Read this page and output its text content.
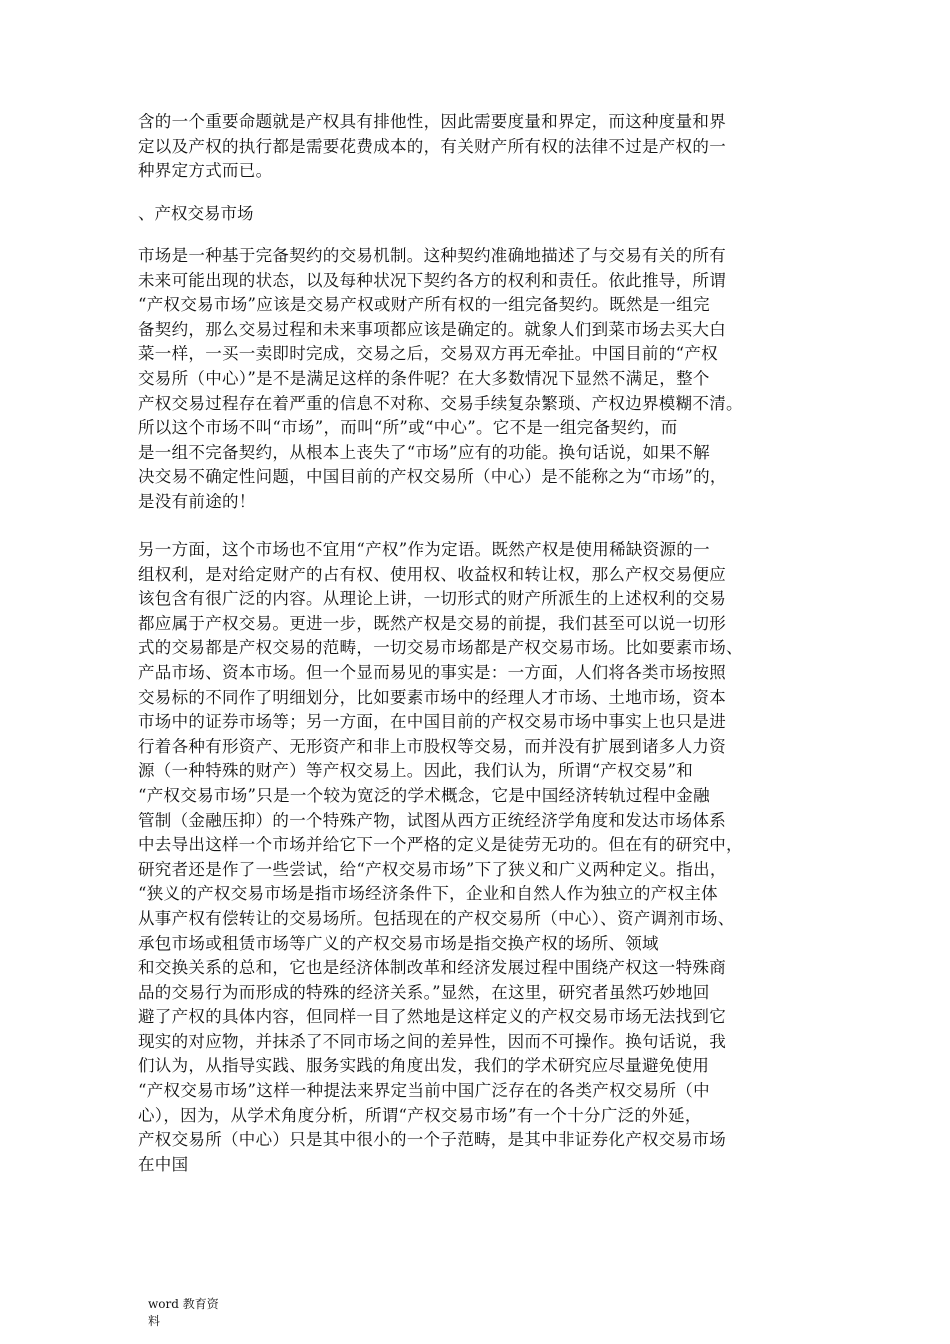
含的一个重要命题就是产权具有排他性，因此需要度量和界定，而这种度量和界
定以及产权的执行都是需要花费成本的，有关财产所有权的法律不过是产权的一
种界定方式而已。

、产权交易市场

市场是一种基于完备契约的交易机制。这种契约准确地描述了与交易有关的所有
未来可能出现的状态，以及每种状况下契约各方的权利和责任。依此推导，所谓
“产权交易市场”应该是交易产权或财产所有权的一组完备契约。既然是一组完
备契约，那么交易过程和未来事项都应该是确定的。就象人们到菜市场去买大白
菜一样，一买一卖即时完成，交易之后，交易双方再无牵扯。中国目前的“产权
交易所（中心）”是不是满足这样的条件呢？在大多数情况下显然不满足，整个
产权交易过程存在着严重的信息不对称、交易手续复杂繁琐、产权边界模糊不清。
所以这个市场不叫“市场”，而叫“所”或“中心”。它不是一组完备契约，而
是一组不完备契约，从根本上丧失了“市场”应有的功能。换句话说，如果不解
决交易不确定性问题，中国目前的产权交易所（中心）是不能称之为“市场”的，
是没有前途的！

另一方面，这个市场也不宜用“产权”作为定语。既然产权是使用稀缺资源的一
组权利，是对给定财产的占有权、使用权、收益权和转让权，那么产权交易便应
该包含有很广泛的内容。从理论上讲，一切形式的财产所派生的上述权利的交易
都应属于产权交易。更进一步，既然产权是交易的前提，我们甚至可以说一切形
式的交易都是产权交易的范畴，一切交易市场都是产权交易市场。比如要素市场、
产品市场、资本市场。但一个显而易见的事实是：一方面，人们将各类市场按照
交易标的不同作了明细划分，比如要素市场中的经理人才市场、土地市场，资本
市场中的证券市场等；另一方面，在中国目前的产权交易市场中事实上也只是进
行着各种有形资产、无形资产和非上市股权等交易，而并没有扩展到诸多人力资
源（一种特殊的财产）等产权交易上。因此，我们认为，所谓“产权交易”和
“产权交易市场”只是一个较为宽泛的学术概念，它是中国经济转轨过程中金融
管制（金融压抑）的一个特殊产物，试图从西方正统经济学角度和发达市场体系
中去导出这样一个市场并给它下一个严格的定义是徒劳无功的。但在有的研究中，
研究者还是作了一些尝试，给“产权交易市场”下了狭义和广义两种定义。指出，
“狭义的产权交易市场是指市场经济条件下，企业和自然人作为独立的产权主体
从事产权有偿转让的交易场所。包括现在的产权交易所（中心）、资产调剂市场、
承包市场或租赁市场等广义的产权交易市场是指交换产权的场所、领域
和交换关系的总和，它也是经济体制改革和经济发展过程中围绕产权这一特殊商
品的交易行为而形成的特殊的经济关系。”显然，在这里，研究者虽然巧妙地回
避了产权的具体内容，但同样一目了然地是这样定义的产权交易市场无法找到它
现实的对应物，并抹杀了不同市场之间的差异性，因而不可操作。换句话说，我
们认为，从指导实践、服务实践的角度出发，我们的学术研究应尽量避免使用
“产权交易市场”这样一种提法来界定当前中国广泛存在的各类产权交易所（中
心），因为，从学术角度分析，所谓“产权交易市场”有一个十分广泛的外延，
产权交易所（中心）只是其中很小的一个子范畴，是其中非证券化产权交易市场
在中国

word 教育资
料
